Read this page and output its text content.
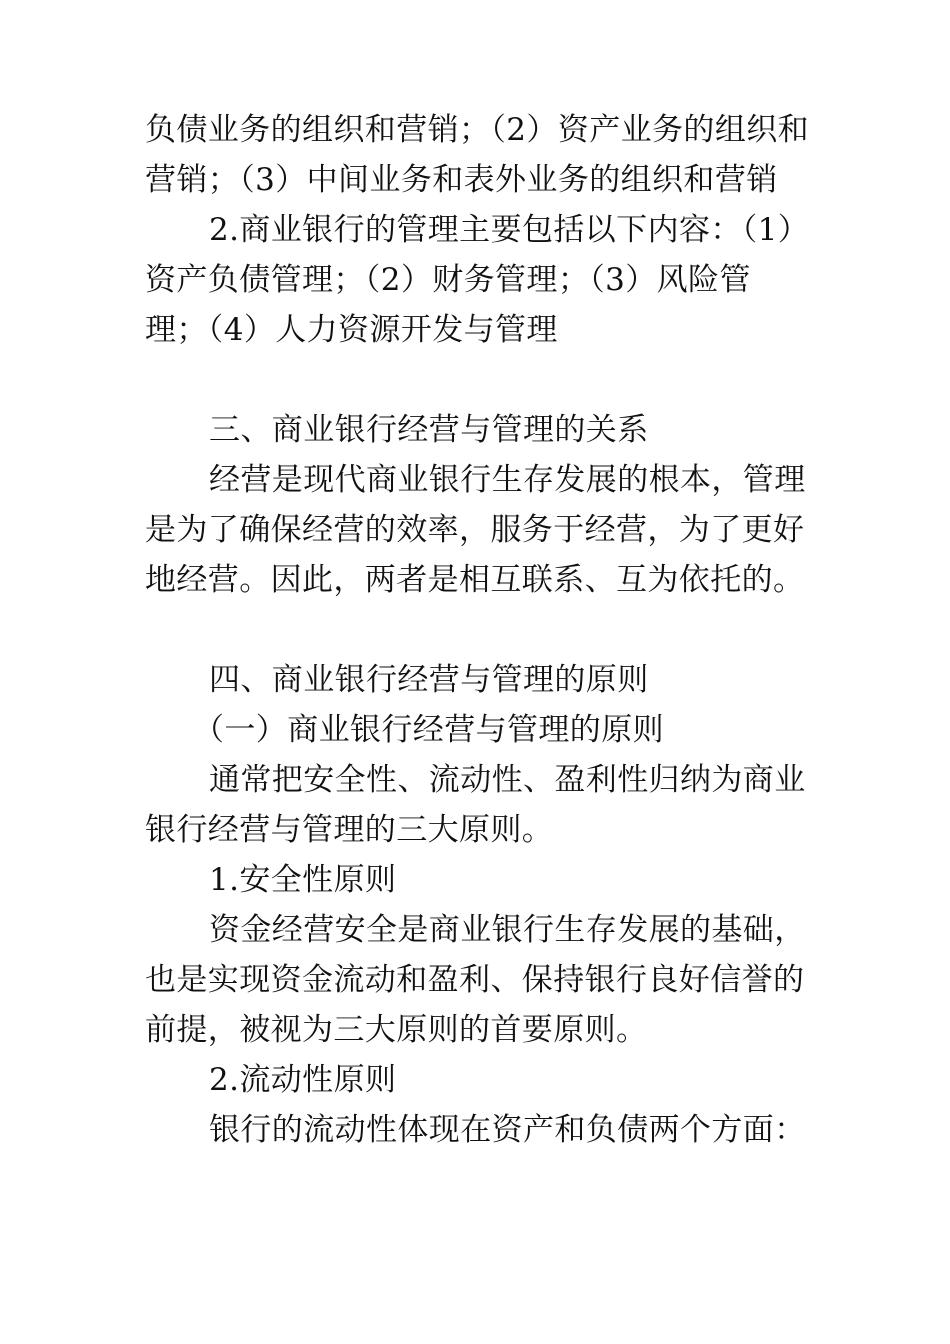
负债业务的组织和营销；（2）资产业务的组织和营销；（3）中间业务和表外业务的组织和营销

2.商业银行的管理主要包括以下内容：（1）资产负债管理；（2）财务管理；（3）风险管理；（4）人力资源开发与管理

三、商业银行经营与管理的关系

经营是现代商业银行生存发展的根本，管理是为了确保经营的效率，服务于经营，为了更好地经营。因此，两者是相互联系、互为依托的。

四、商业银行经营与管理的原则

（一）商业银行经营与管理的原则

通常把安全性、流动性、盈利性归纳为商业银行经营与管理的三大原则。

1.安全性原则

资金经营安全是商业银行生存发展的基础，也是实现资金流动和盈利、保持银行良好信誉的前提，被视为三大原则的首要原则。

2.流动性原则

银行的流动性体现在资产和负债两个方面：
